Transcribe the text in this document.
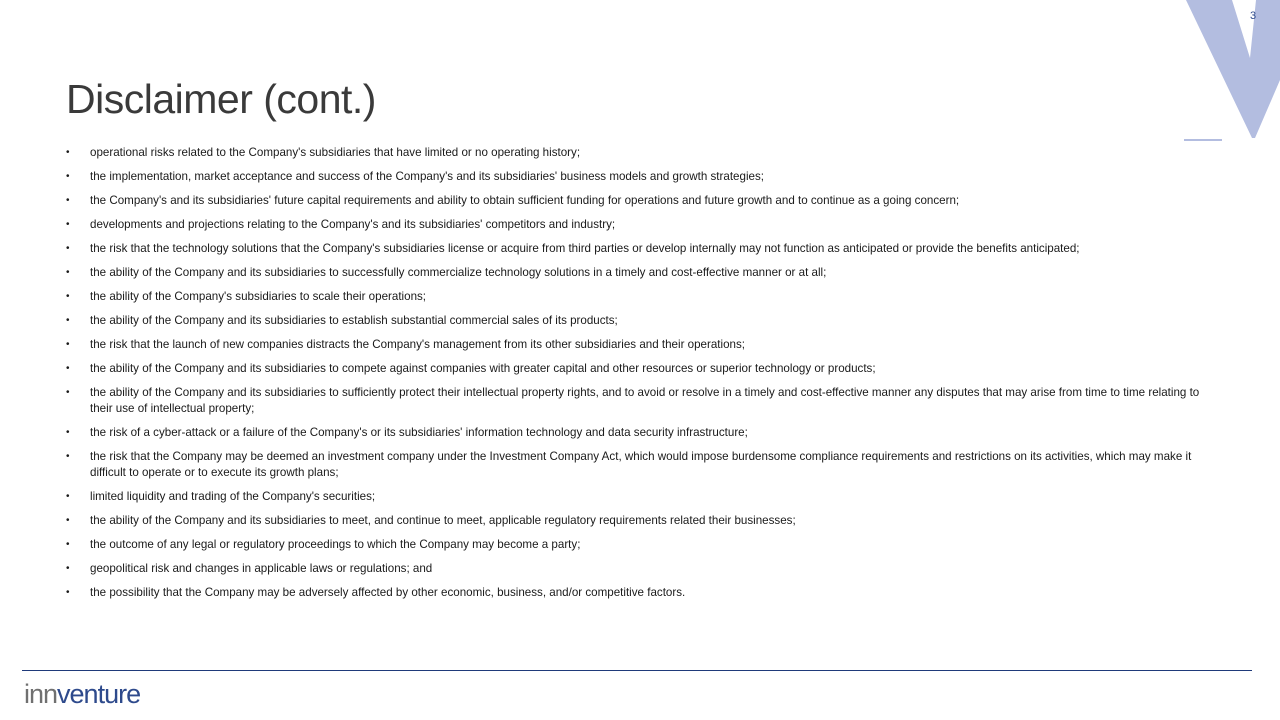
3
Disclaimer (cont.)
•	operational risks related to the Company's subsidiaries that have limited or no operating history;
•	the implementation, market acceptance and success of the Company's and its subsidiaries' business models and growth strategies;
•	the Company's and its subsidiaries' future capital requirements and ability to obtain sufficient funding for operations and future growth and to continue as a going concern;
•	developments and projections relating to the Company's and its subsidiaries' competitors and industry;
•	the risk that the technology solutions that the Company's subsidiaries license or acquire from third parties or develop internally may not function as anticipated or provide the benefits anticipated;
•	the ability of the Company and its subsidiaries to successfully commercialize technology solutions in a timely and cost-effective manner or at all;
•	the ability of the Company's subsidiaries to scale their operations;
•	the ability of the Company and its subsidiaries to establish substantial commercial sales of its products;
•	the risk that the launch of new companies distracts the Company's management from its other subsidiaries and their operations;
•	the ability of the Company and its subsidiaries to compete against companies with greater capital and other resources or superior technology or products;
•	the ability of the Company and its subsidiaries to sufficiently protect their intellectual property rights, and to avoid or resolve in a timely and cost-effective manner any disputes that may arise from time to time relating to their use of intellectual property;
•	the risk of a cyber-attack or a failure of the Company's or its subsidiaries' information technology and data security infrastructure;
•	the risk that the Company may be deemed an investment company under the Investment Company Act, which would impose burdensome compliance requirements and restrictions on its activities, which may make it difficult to operate or to execute its growth plans;
•	limited liquidity and trading of the Company's securities;
•	the ability of the Company and its subsidiaries to meet, and continue to meet, applicable regulatory requirements related their businesses;
•	the outcome of any legal or regulatory proceedings to which the Company may become a party;
•	geopolitical risk and changes in applicable laws or regulations; and
•	the possibility that the Company may be adversely affected by other economic, business, and/or competitive factors.
innventure
